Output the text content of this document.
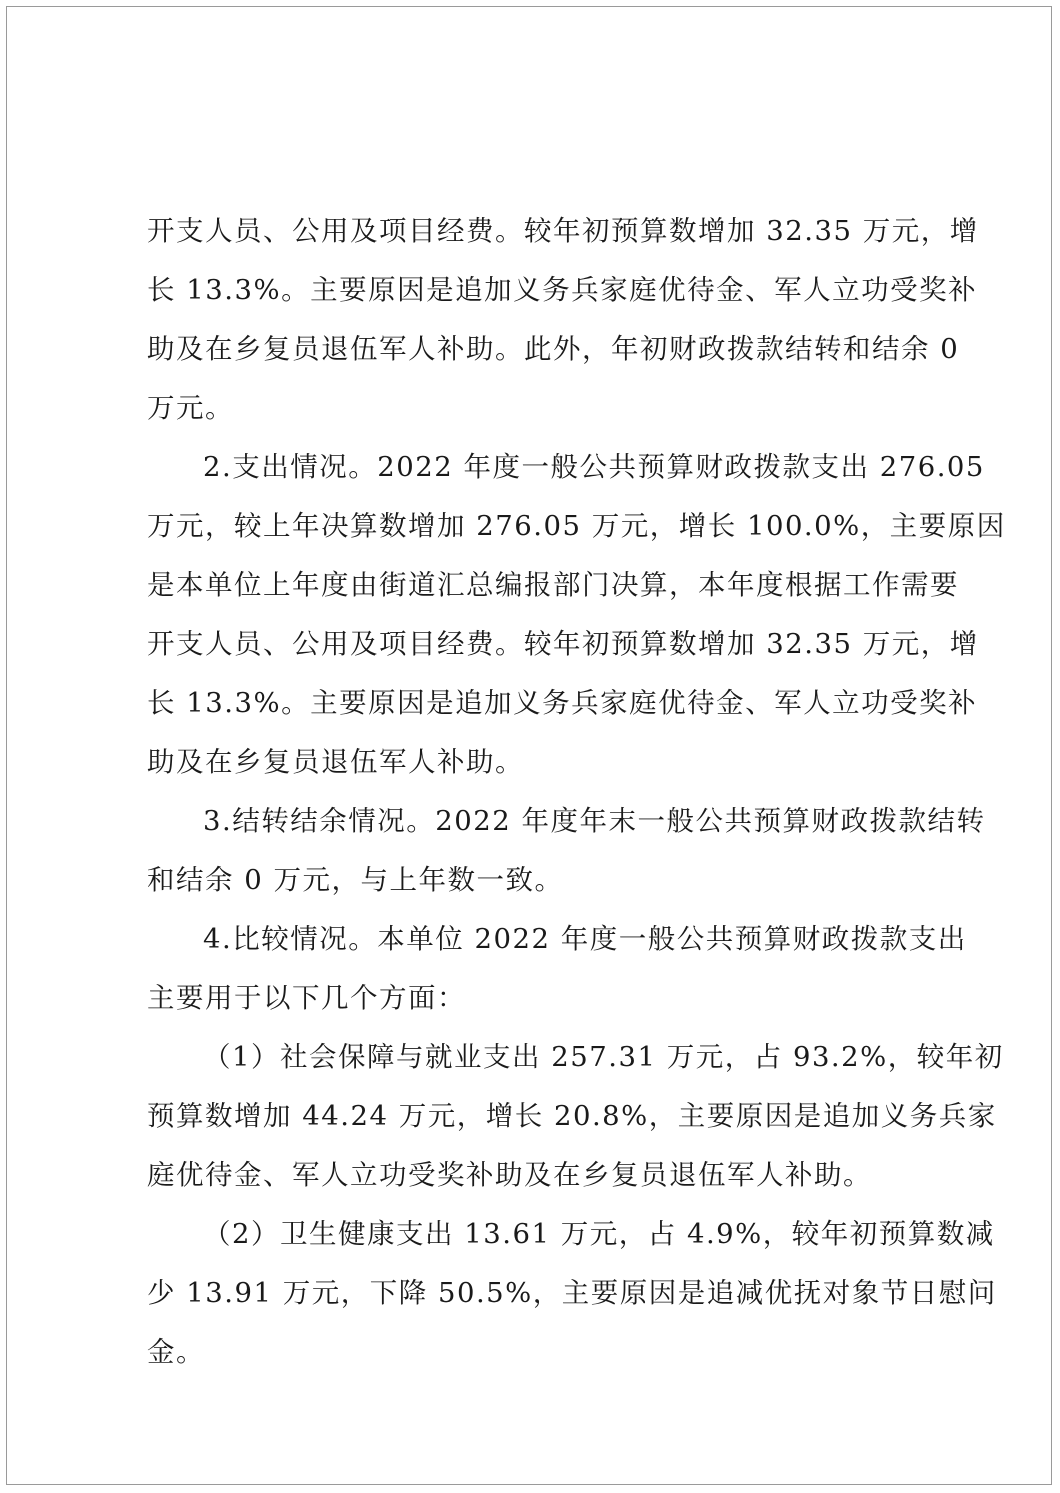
开支人员、公用及项目经费。较年初预算数增加 32.35 万元，增
长 13.3%。主要原因是追加义务兵家庭优待金、军人立功受奖补
助及在乡复员退伍军人补助。此外，年初财政拨款结转和结余 0
万元。
2.支出情况。2022 年度一般公共预算财政拨款支出 276.05
万元，较上年决算数增加 276.05 万元，增长 100.0%，主要原因
是本单位上年度由街道汇总编报部门决算，本年度根据工作需要
开支人员、公用及项目经费。较年初预算数增加 32.35 万元，增
长 13.3%。主要原因是追加义务兵家庭优待金、军人立功受奖补
助及在乡复员退伍军人补助。
3.结转结余情况。2022 年度年末一般公共预算财政拨款结转
和结余 0 万元，与上年数一致。
4.比较情况。本单位 2022 年度一般公共预算财政拨款支出
主要用于以下几个方面：
（1）社会保障与就业支出 257.31 万元，占 93.2%，较年初
预算数增加 44.24 万元，增长 20.8%，主要原因是追加义务兵家
庭优待金、军人立功受奖补助及在乡复员退伍军人补助。
（2）卫生健康支出 13.61 万元，占 4.9%，较年初预算数减
少 13.91 万元，下降 50.5%，主要原因是追减优抚对象节日慰问
金。
